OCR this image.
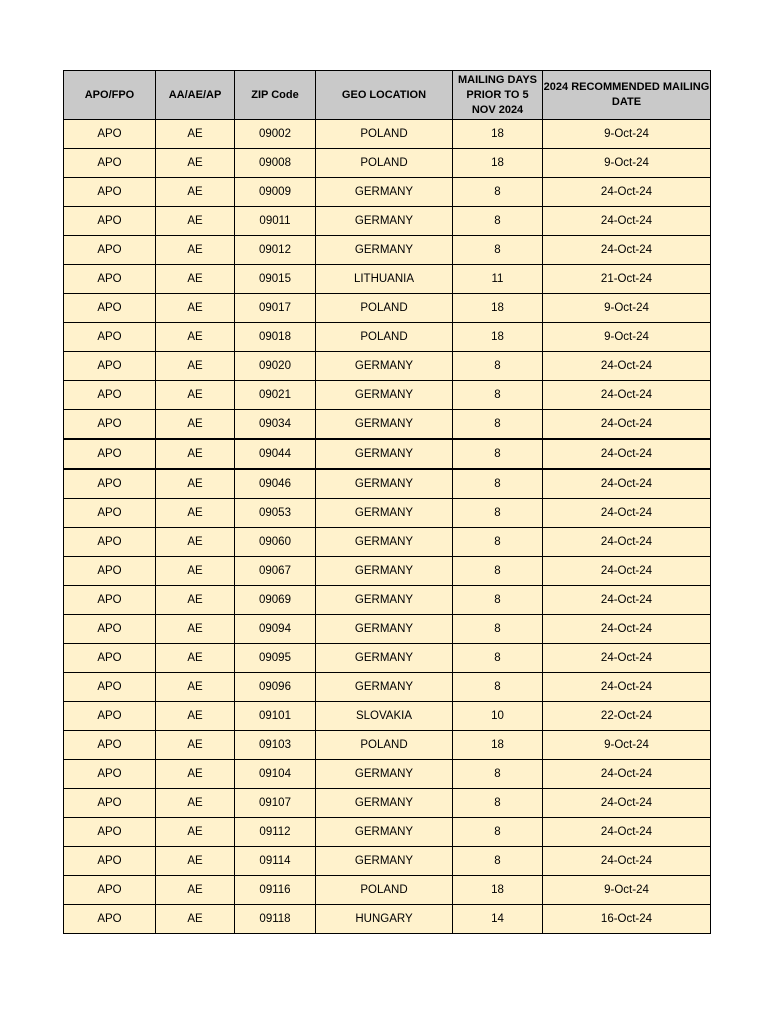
APO/FPO	AA/AE/AP	ZIP Code	GEO LOCATION	MAILING DAYS PRIOR TO 5 NOV 2024	2024 RECOMMENDED MAILING DATE
APO	AE	09002	POLAND	18	9-Oct-24
APO	AE	09008	POLAND	18	9-Oct-24
APO	AE	09009	GERMANY	8	24-Oct-24
APO	AE	09011	GERMANY	8	24-Oct-24
APO	AE	09012	GERMANY	8	24-Oct-24
APO	AE	09015	LITHUANIA	11	21-Oct-24
APO	AE	09017	POLAND	18	9-Oct-24
APO	AE	09018	POLAND	18	9-Oct-24
APO	AE	09020	GERMANY	8	24-Oct-24
APO	AE	09021	GERMANY	8	24-Oct-24
APO	AE	09034	GERMANY	8	24-Oct-24
APO	AE	09044	GERMANY	8	24-Oct-24
APO	AE	09046	GERMANY	8	24-Oct-24
APO	AE	09053	GERMANY	8	24-Oct-24
APO	AE	09060	GERMANY	8	24-Oct-24
APO	AE	09067	GERMANY	8	24-Oct-24
APO	AE	09069	GERMANY	8	24-Oct-24
APO	AE	09094	GERMANY	8	24-Oct-24
APO	AE	09095	GERMANY	8	24-Oct-24
APO	AE	09096	GERMANY	8	24-Oct-24
APO	AE	09101	SLOVAKIA	10	22-Oct-24
APO	AE	09103	POLAND	18	9-Oct-24
APO	AE	09104	GERMANY	8	24-Oct-24
APO	AE	09107	GERMANY	8	24-Oct-24
APO	AE	09112	GERMANY	8	24-Oct-24
APO	AE	09114	GERMANY	8	24-Oct-24
APO	AE	09116	POLAND	18	9-Oct-24
APO	AE	09118	HUNGARY	14	16-Oct-24
